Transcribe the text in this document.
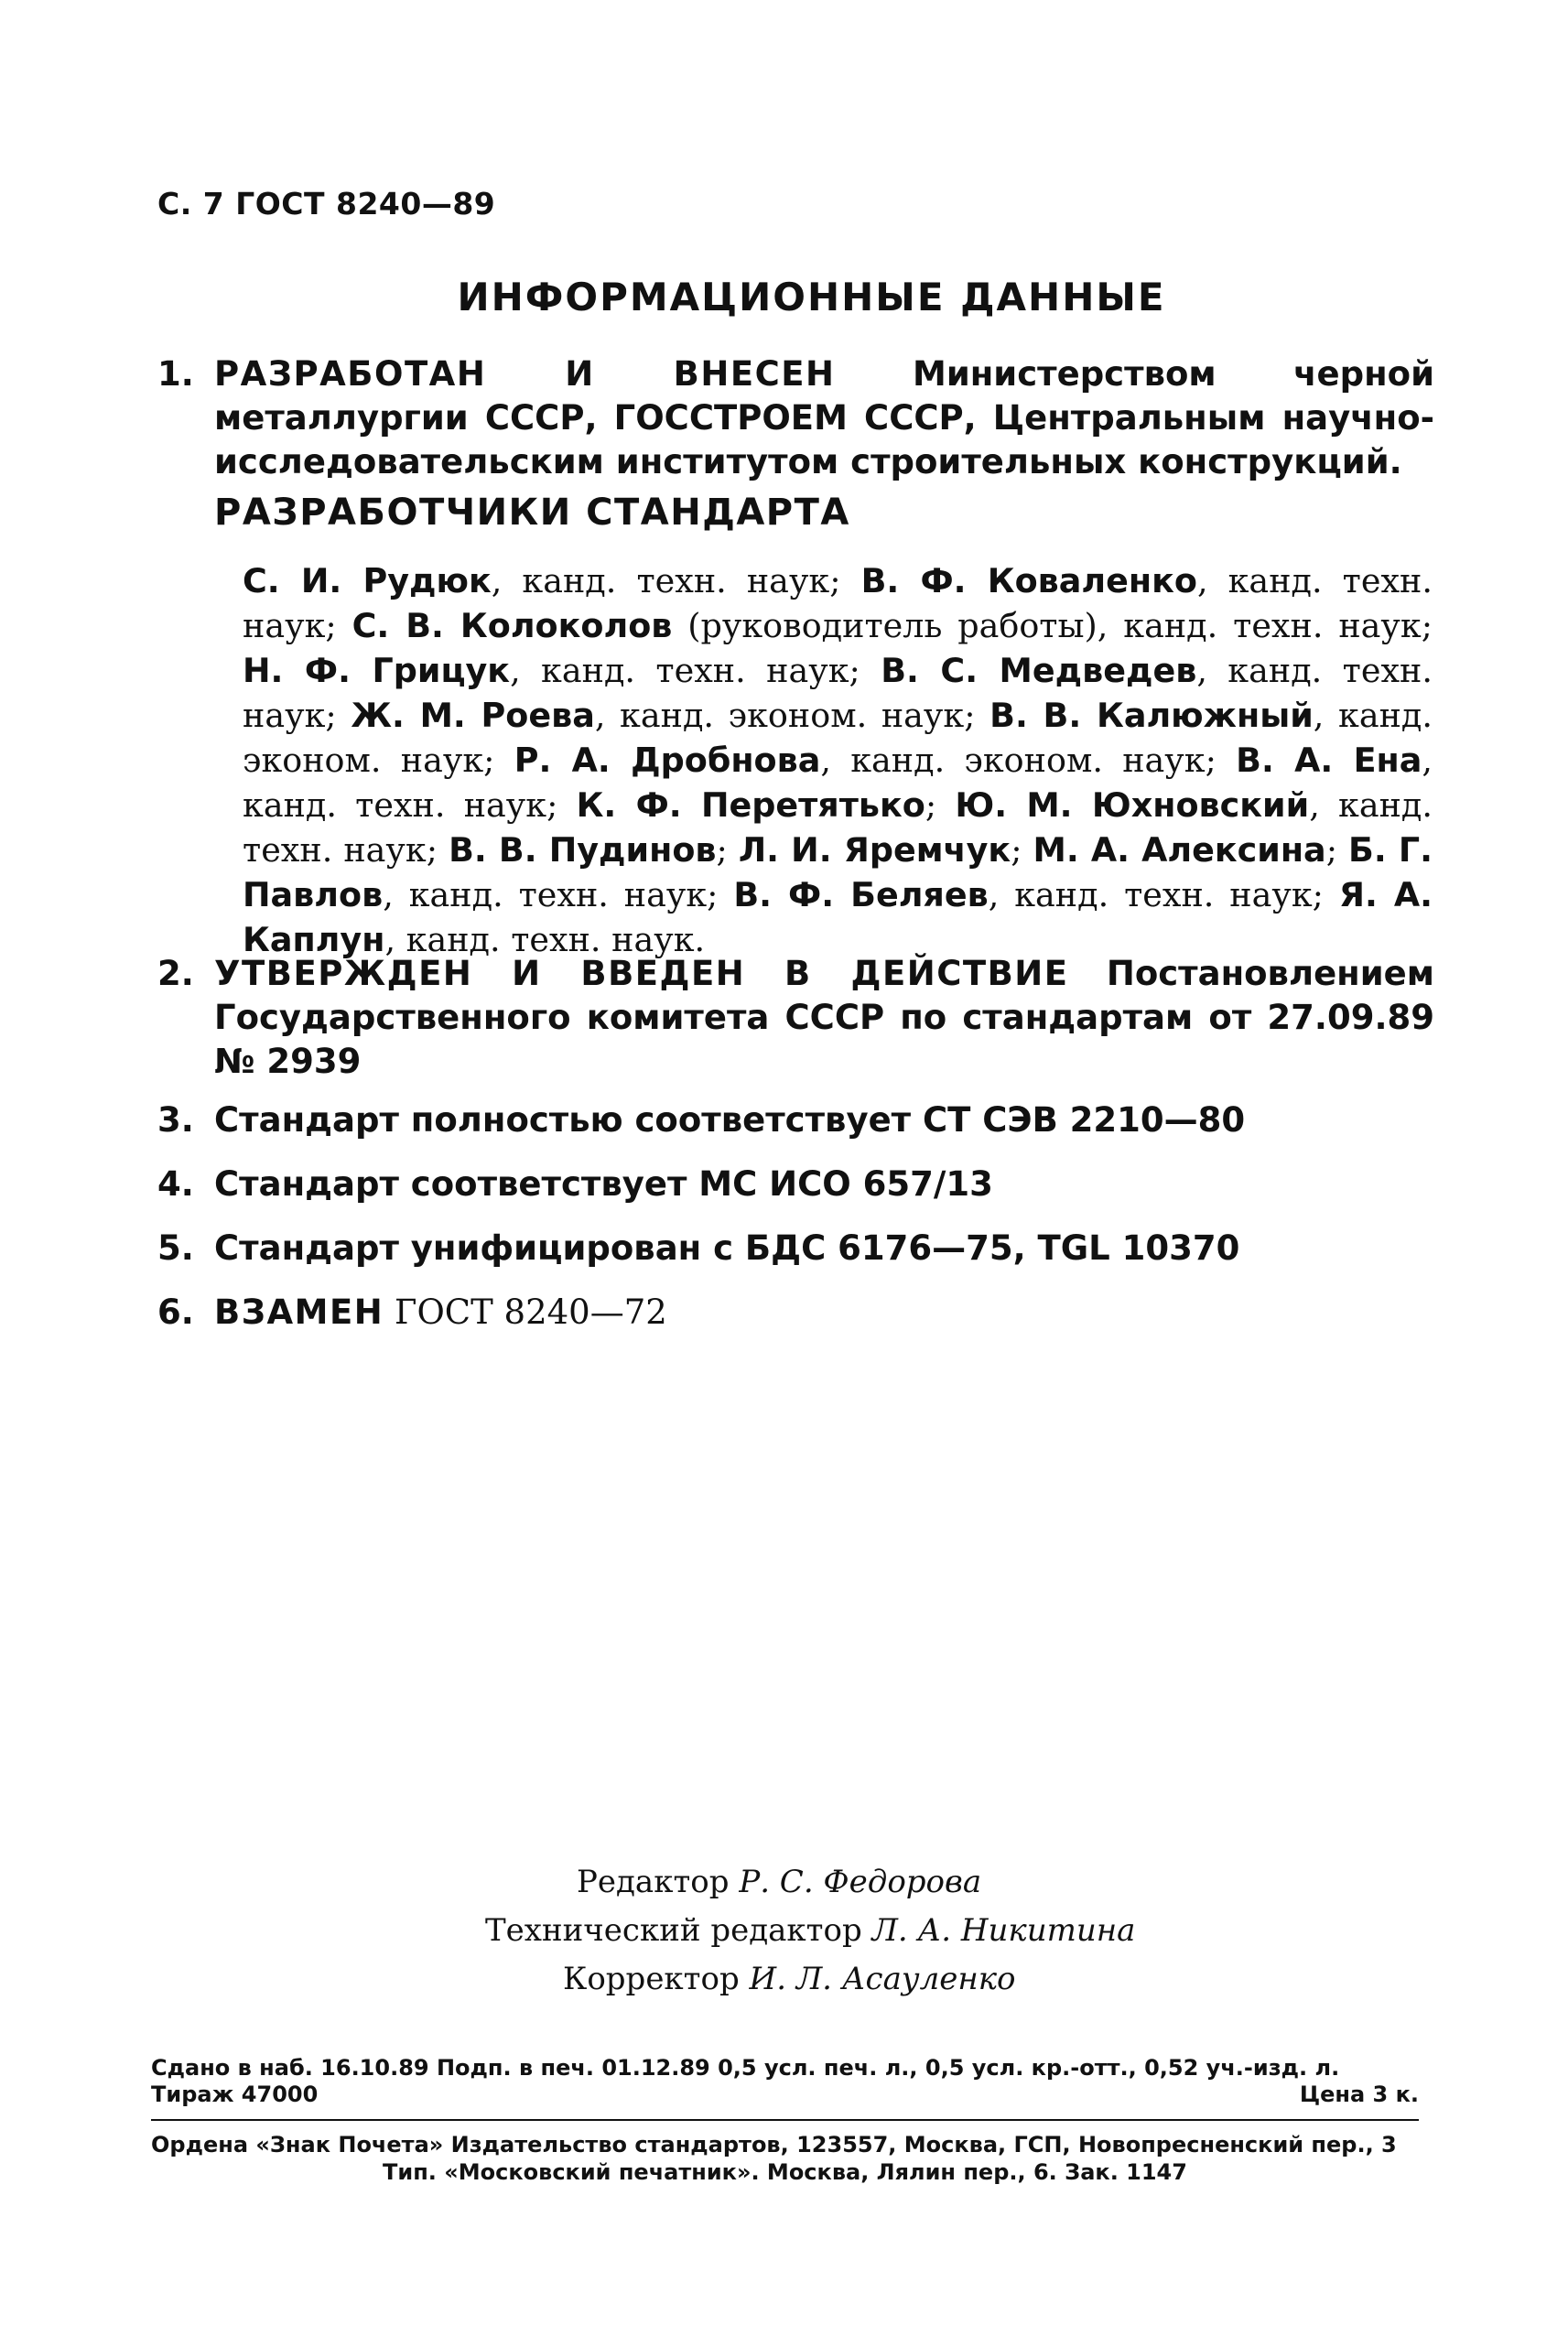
С. 7 ГОСТ 8240—89
ИНФОРМАЦИОННЫЕ ДАННЫЕ
1. РАЗРАБОТАН И ВНЕСЕН Министерством черной металлургии СССР, ГОССТРОЕМ СССР, Центральным научно-исследовательским институтом строительных конструкций.
РАЗРАБОТЧИКИ СТАНДАРТА
С. И. Рудюк, канд. техн. наук; В. Ф. Коваленко, канд. техн. наук; С. В. Колоколов (руководитель работы), канд. техн. наук; Н. Ф. Грицук, канд. техн. наук; В. С. Медведев, канд. техн. наук; Ж. М. Роева, канд. эконом. наук; В. В. Калюжный, канд. эконом. наук; Р. А. Дробнова, канд. эконом. наук; В. А. Ена, канд. техн. наук; К. Ф. Перетятько; Ю. М. Юхновский, канд. техн. наук; В. В. Пудинов; Л. И. Яремчук; М. А. Алексина; Б. Г. Павлов, канд. техн. наук; В. Ф. Беляев, канд. техн. наук; Я. А. Каплун, канд. техн. наук.
2. УТВЕРЖДЕН И ВВЕДЕН В ДЕЙСТВИЕ Постановлением Государственного комитета СССР по стандартам от 27.09.89 № 2939
3. Стандарт полностью соответствует СТ СЭВ 2210—80
4. Стандарт соответствует МС ИСО 657/13
5. Стандарт унифицирован с БДС 6176—75, TGL 10370
6. ВЗАМЕН ГОСТ 8240—72
Редактор Р. С. Федорова
Технический редактор Л. А. Никитина
Корректор И. Л. Асауленко
Сдано в наб. 16.10.89 Подп. в печ. 01.12.89 0,5 усл. печ. л., 0,5 усл. кр.-отт., 0,52 уч.-изд. л.
Тираж 47000	Цена 3 к.
Ордена «Знак Почета» Издательство стандартов, 123557, Москва, ГСП, Новопресненский пер., 3
Тип. «Московский печатник». Москва, Лялин пер., 6. Зак. 1147
